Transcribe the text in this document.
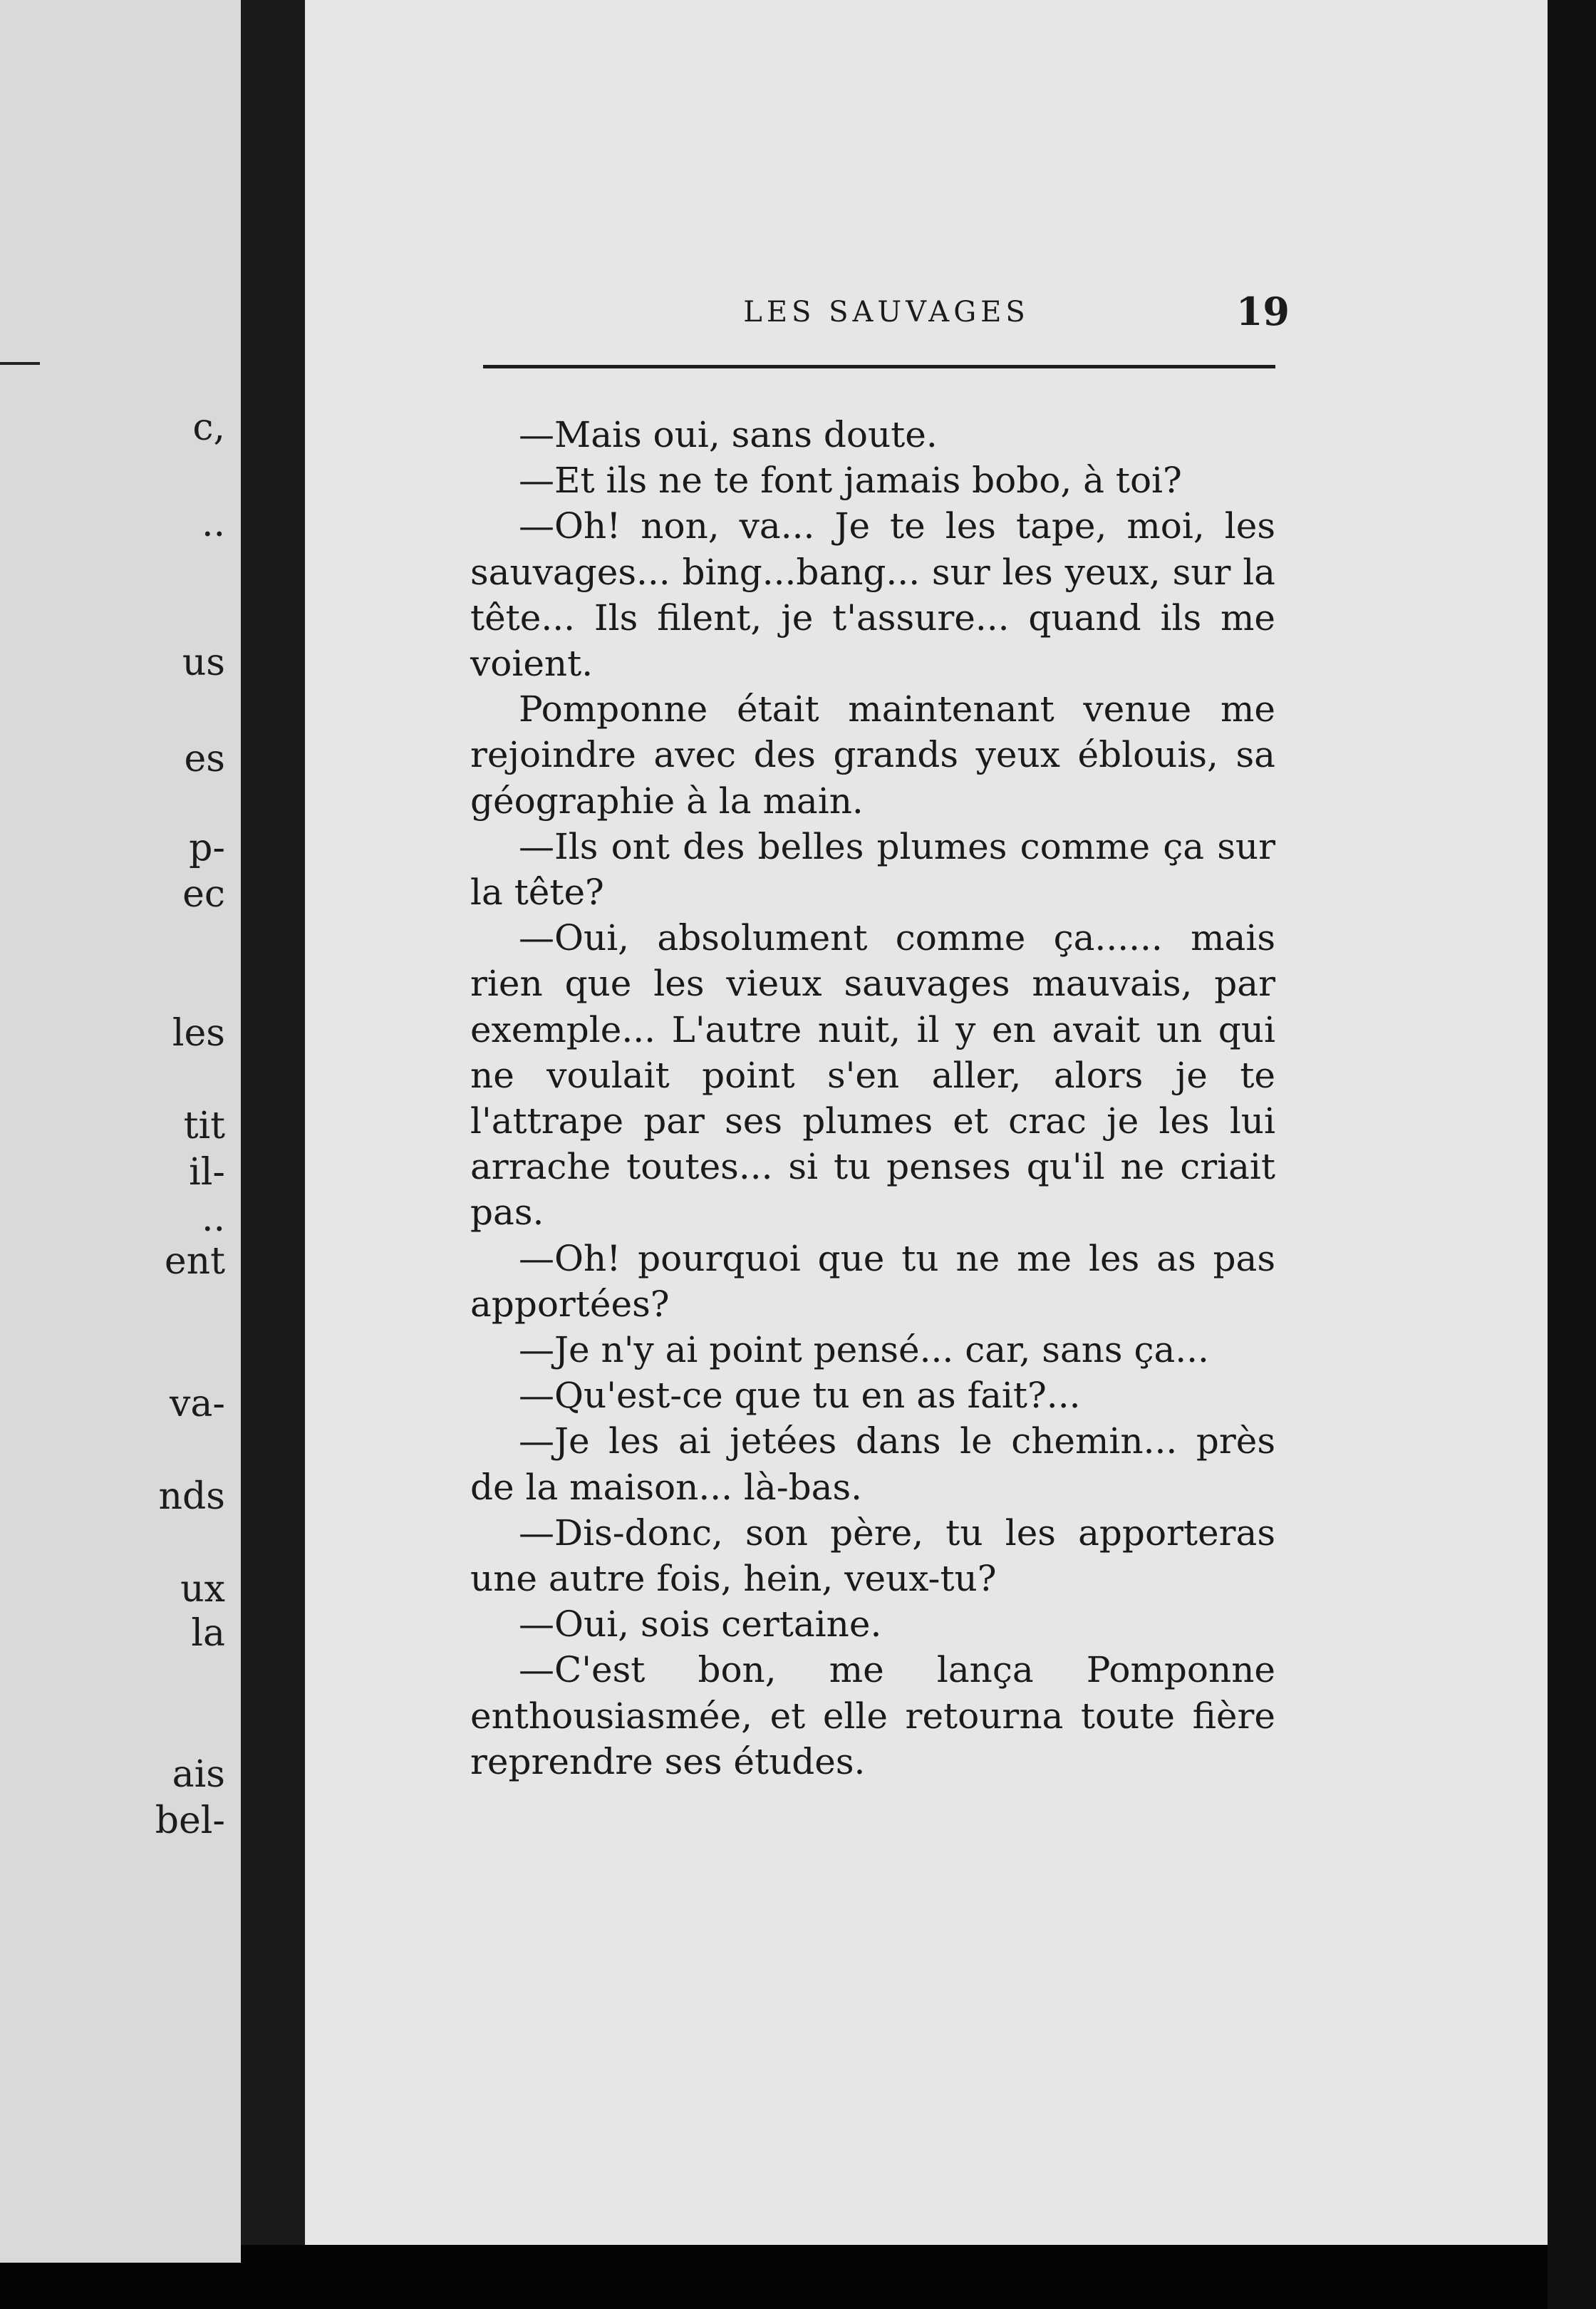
c,
..
us
es
p-
ec
les
tit
il-
..
ent
va-
nds
ux
la
ais
bel-
LES SAUVAGES	19

—Mais oui, sans doute.

—Et ils ne te font jamais bobo, à toi?

—Oh! non, va... Je te les tape, moi, les sauvages... bing...bang... sur les yeux, sur la tête... Ils filent, je t'assure... quand ils me voient.

Pomponne était maintenant venue me rejoindre avec des grands yeux éblouis, sa géographie à la main.

—Ils ont des belles plumes comme ça sur la tête?

—Oui, absolument comme ça...... mais rien que les vieux sauvages mauvais, par exemple... L'autre nuit, il y en avait un qui ne voulait point s'en aller, alors je te l'attrape par ses plumes et crac je les lui arrache toutes... si tu penses qu'il ne criait pas.

—Oh! pourquoi que tu ne me les as pas apportées?

—Je n'y ai point pensé... car, sans ça...

—Qu'est-ce que tu en as fait?...

—Je les ai jetées dans le chemin... près de la maison... là-bas.

—Dis-donc, son père, tu les apporteras une autre fois, hein, veux-tu?

—Oui, sois certaine.

—C'est bon, me lança Pomponne enthousiasmée, et elle retourna toute fière reprendre ses études.
